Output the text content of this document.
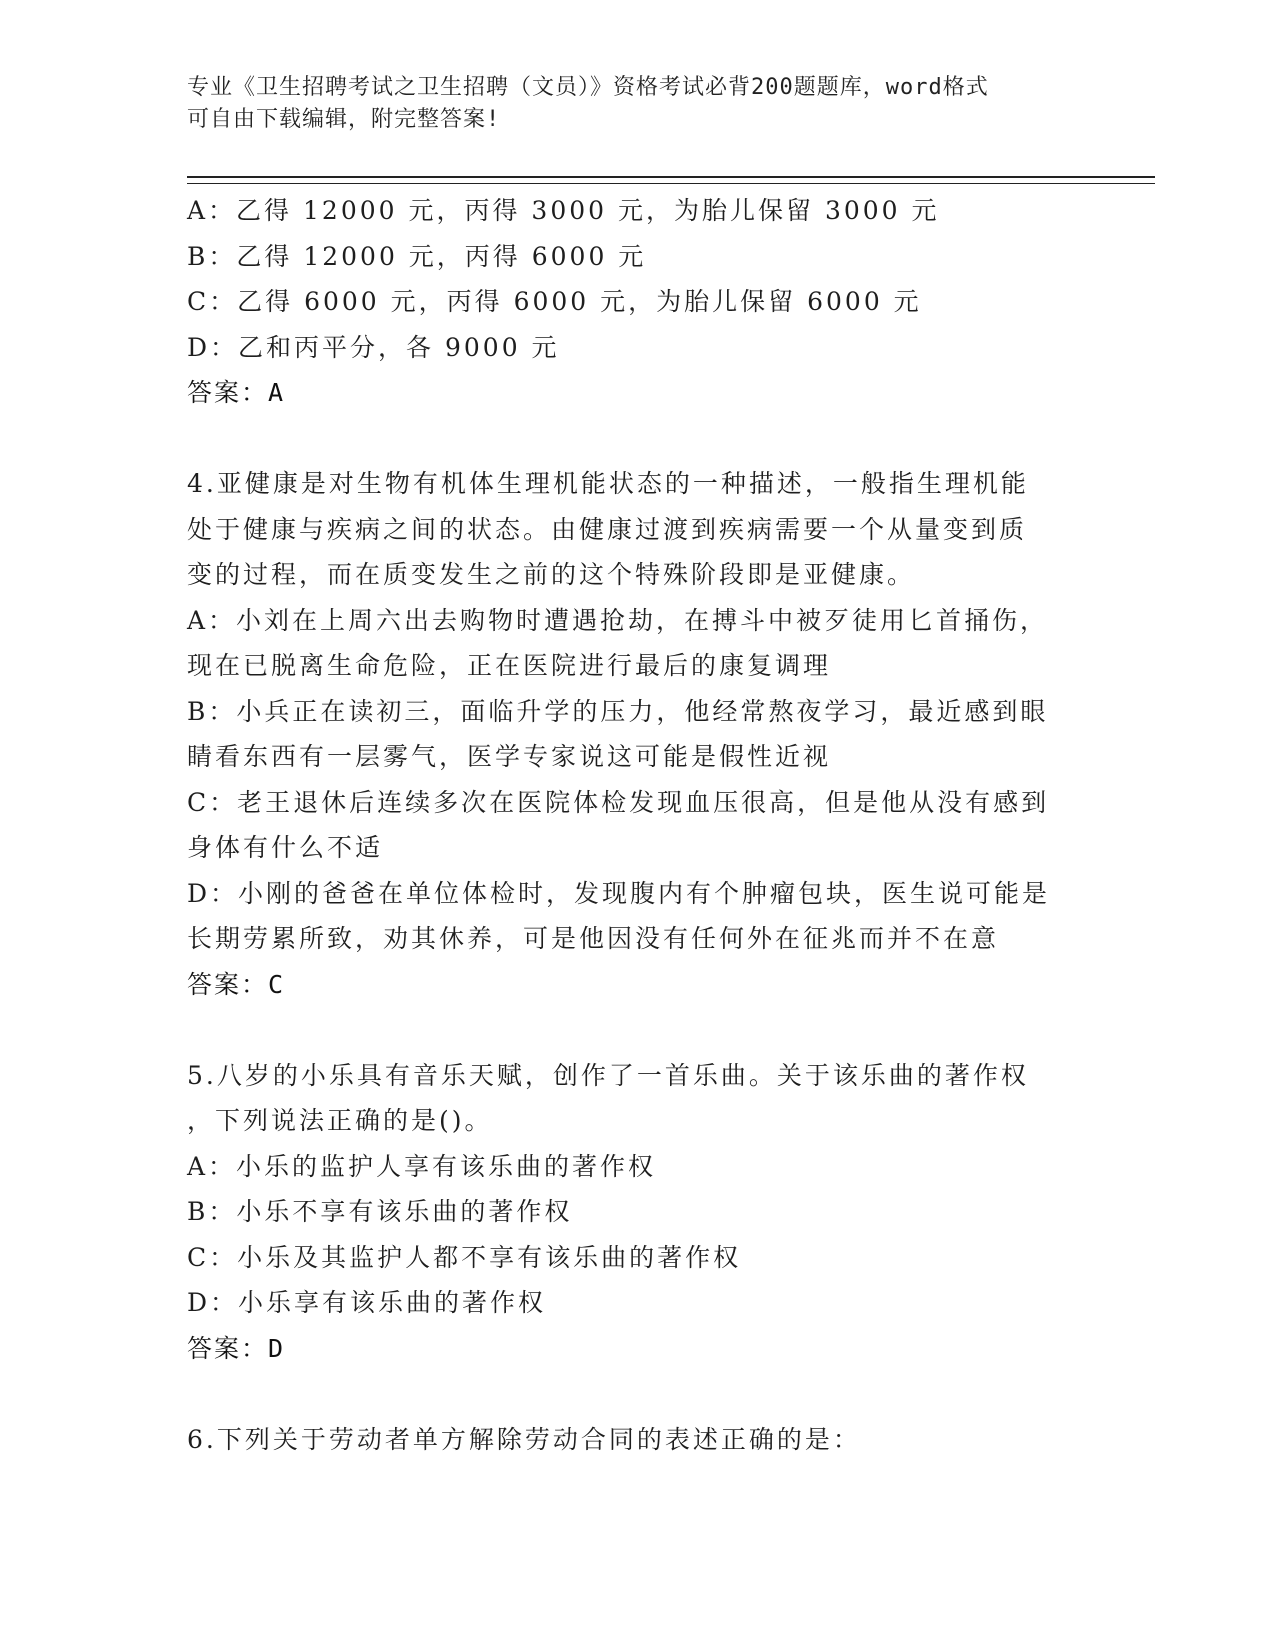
专业《卫生招聘考试之卫生招聘（文员）》资格考试必背200题题库，word格式
可自由下载编辑，附完整答案!
A：乙得 12000 元，丙得 3000 元，为胎儿保留 3000 元
B：乙得 12000 元，丙得 6000 元
C：乙得 6000 元，丙得 6000 元，为胎儿保留 6000 元
D：乙和丙平分，各 9000 元
答案：A
4.亚健康是对生物有机体生理机能状态的一种描述，一般指生理机能
处于健康与疾病之间的状态。由健康过渡到疾病需要一个从量变到质
变的过程，而在质变发生之前的这个特殊阶段即是亚健康。
A：小刘在上周六出去购物时遭遇抢劫，在搏斗中被歹徒用匕首捅伤，
现在已脱离生命危险，正在医院进行最后的康复调理
B：小兵正在读初三，面临升学的压力，他经常熬夜学习，最近感到眼
睛看东西有一层雾气，医学专家说这可能是假性近视
C：老王退休后连续多次在医院体检发现血压很高，但是他从没有感到
身体有什么不适
D：小刚的爸爸在单位体检时，发现腹内有个肿瘤包块，医生说可能是
长期劳累所致，劝其休养，可是他因没有任何外在征兆而并不在意
答案：C
5.八岁的小乐具有音乐天赋，创作了一首乐曲。关于该乐曲的著作权
，下列说法正确的是()。
A：小乐的监护人享有该乐曲的著作权
B：小乐不享有该乐曲的著作权
C：小乐及其监护人都不享有该乐曲的著作权
D：小乐享有该乐曲的著作权
答案：D
6.下列关于劳动者单方解除劳动合同的表述正确的是：
